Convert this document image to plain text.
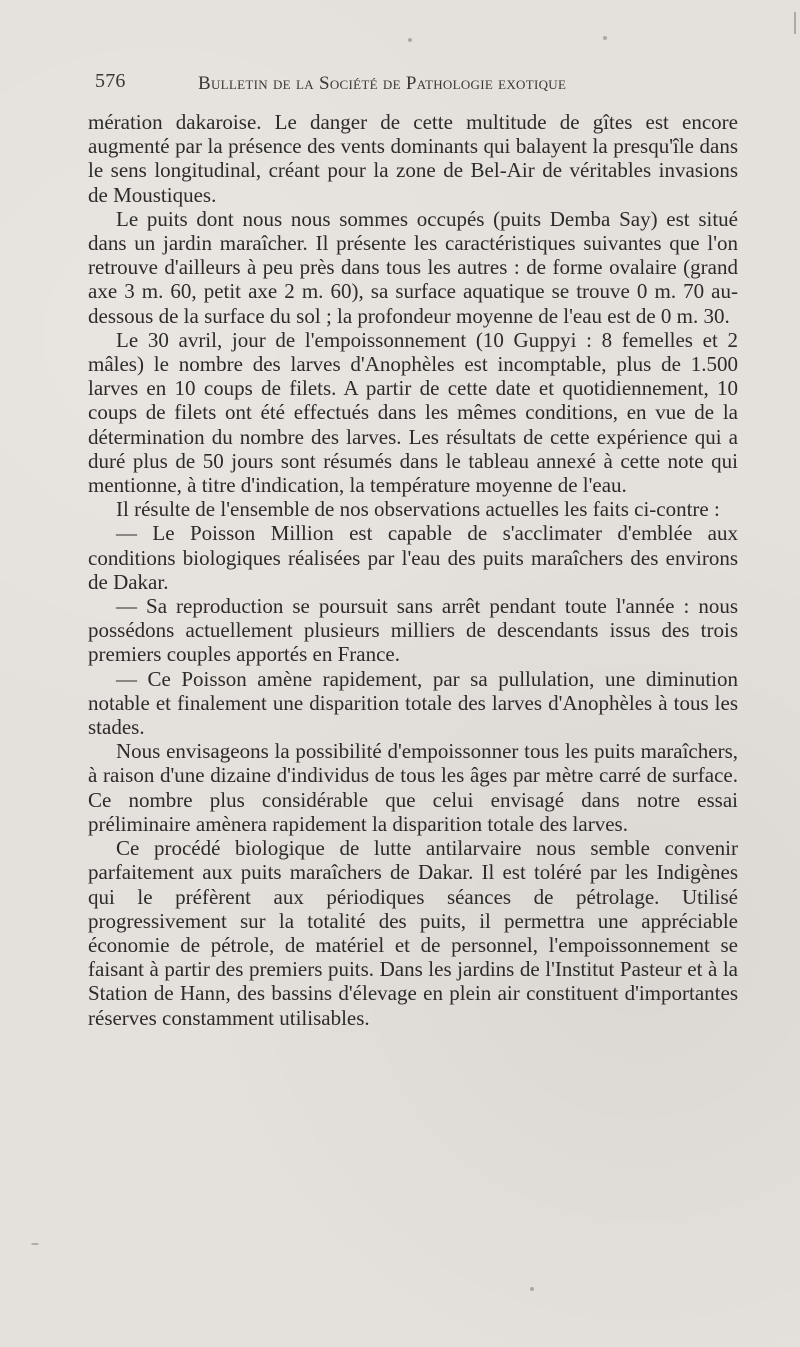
576	Bulletin de la Société de Pathologie exotique

mération dakaroise. Le danger de cette multitude de gîtes est encore augmenté par la présence des vents dominants qui balayent la presqu'île dans le sens longitudinal, créant pour la zone de Bel-Air de véritables invasions de Moustiques.

Le puits dont nous nous sommes occupés (puits Demba Say) est situé dans un jardin maraîcher. Il présente les caractéristiques suivantes que l'on retrouve d'ailleurs à peu près dans tous les autres : de forme ovalaire (grand axe 3 m. 60, petit axe 2 m. 60), sa surface aquatique se trouve 0 m. 70 au-dessous de la surface du sol ; la profondeur moyenne de l'eau est de 0 m. 30.

Le 30 avril, jour de l'empoissonnement (10 Guppyi : 8 femelles et 2 mâles) le nombre des larves d'Anophèles est incomptable, plus de 1.500 larves en 10 coups de filets. A partir de cette date et quotidiennement, 10 coups de filets ont été effectués dans les mêmes conditions, en vue de la détermination du nombre des larves. Les résultats de cette expérience qui a duré plus de 50 jours sont résumés dans le tableau annexé à cette note qui mentionne, à titre d'indication, la température moyenne de l'eau.

Il résulte de l'ensemble de nos observations actuelles les faits ci-contre :

— Le Poisson Million est capable de s'acclimater d'emblée aux conditions biologiques réalisées par l'eau des puits maraîchers des environs de Dakar.

— Sa reproduction se poursuit sans arrêt pendant toute l'année : nous possédons actuellement plusieurs milliers de descendants issus des trois premiers couples apportés en France.

— Ce Poisson amène rapidement, par sa pullulation, une diminution notable et finalement une disparition totale des larves d'Anophèles à tous les stades.

Nous envisageons la possibilité d'empoissonner tous les puits maraîchers, à raison d'une dizaine d'individus de tous les âges par mètre carré de surface. Ce nombre plus considérable que celui envisagé dans notre essai préliminaire amènera rapidement la disparition totale des larves.

Ce procédé biologique de lutte antilarvaire nous semble convenir parfaitement aux puits maraîchers de Dakar. Il est toléré par les Indigènes qui le préfèrent aux périodiques séances de pétrolage. Utilisé progressivement sur la totalité des puits, il permettra une appréciable économie de pétrole, de matériel et de personnel, l'empoissonnement se faisant à partir des premiers puits. Dans les jardins de l'Institut Pasteur et à la Station de Hann, des bassins d'élevage en plein air constituent d'importantes réserves constamment utilisables.
